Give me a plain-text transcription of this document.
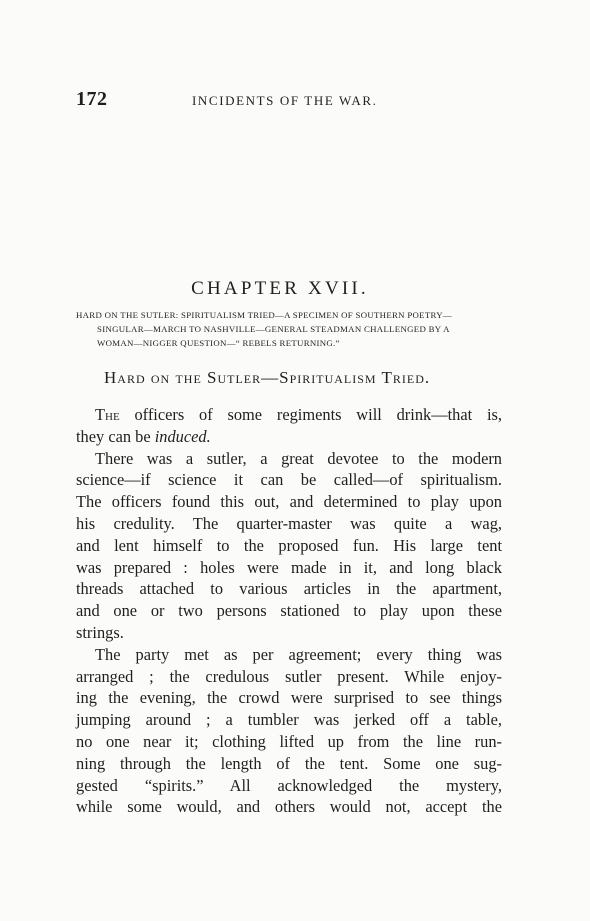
172	INCIDENTS OF THE WAR.
CHAPTER XVII.
HARD ON THE SUTLER: SPIRITUALISM TRIED—A SPECIMEN OF SOUTHERN POETRY—
SINGULAR—MARCH TO NASHVILLE—GENERAL STEADMAN CHALLENGED BY A
WOMAN—NIGGER QUESTION—“ REBELS RETURNING.”
Hard on the Sutler—Spiritualism Tried.
The officers of some regiments will drink—that is,
they can be induced.
There was a sutler, a great devotee to the modern
science—if science it can be called—of spiritualism.
The officers found this out, and determined to play upon
his credulity. The quarter-master was quite a wag,
and lent himself to the proposed fun. His large tent
was prepared : holes were made in it, and long black
threads attached to various articles in the apartment,
and one or two persons stationed to play upon these
strings.
The party met as per agreement; every thing was
arranged ; the credulous sutler present. While enjoy-
ing the evening, the crowd were surprised to see things
jumping around ; a tumbler was jerked off a table,
no one near it; clothing lifted up from the line run-
ning through the length of the tent. Some one sug-
gested “spirits.” All acknowledged the mystery,
while some would, and others would not, accept the
